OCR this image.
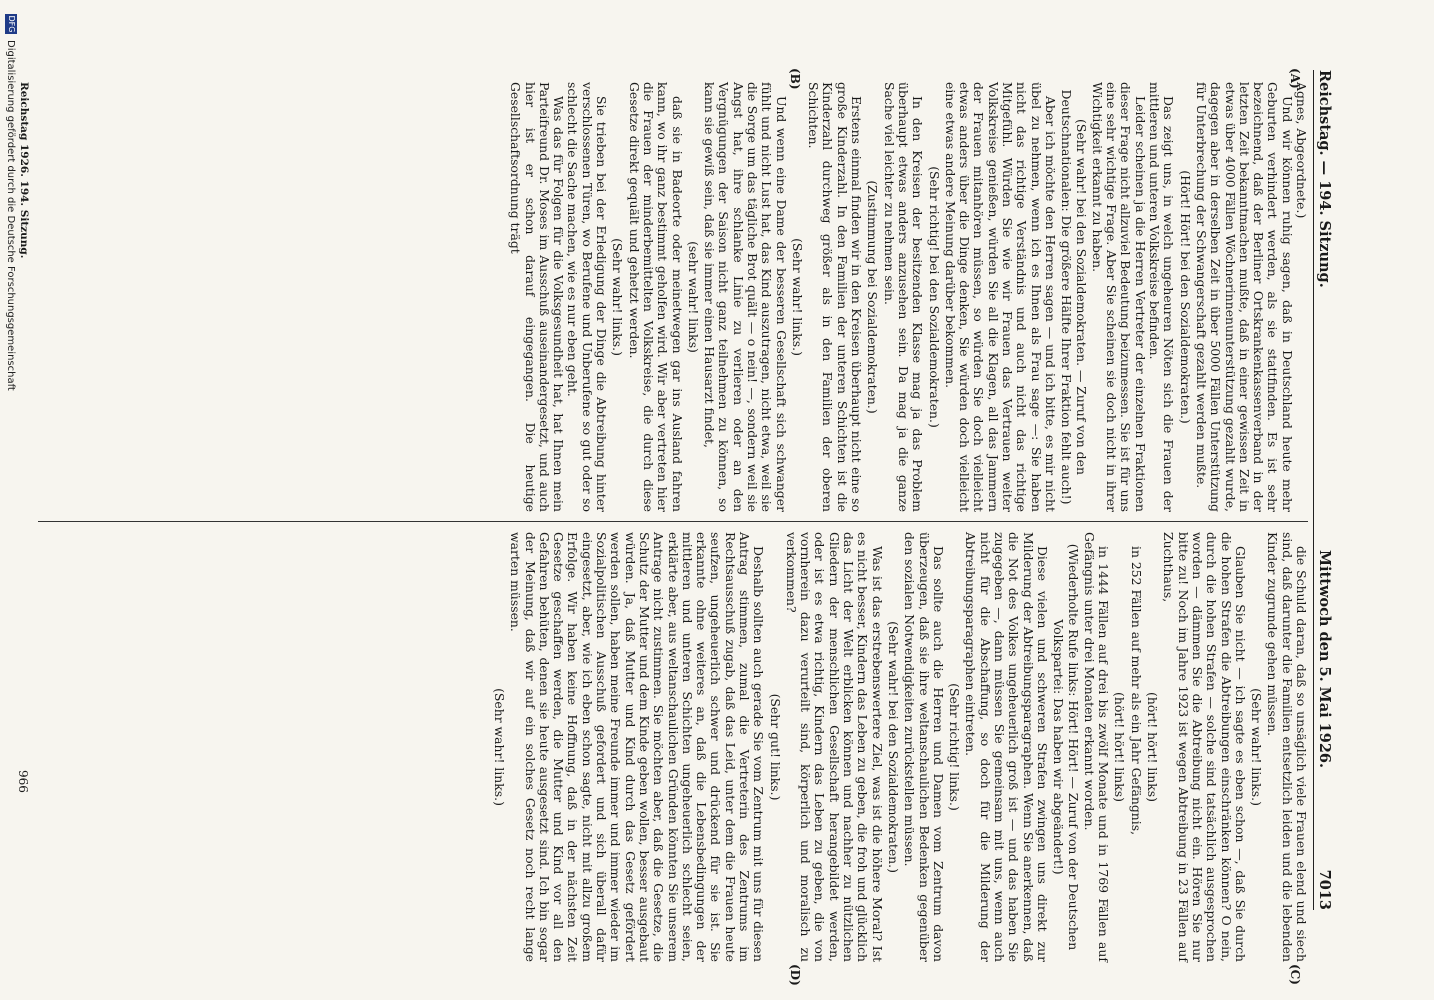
Reichstag. — 194. Sitzung.
Mittwoch den 5. Mai 1926.
7013
(A)
(B)
(C)
(D)

Agnes, Abgeordnete.)

Und wir können ruhig sagen, daß in Deutschland heute mehr Geburten verhindert werden, als sie stattfinden. Es ist sehr bezeichnend, daß der Berliner Ortskrankenkassenverband in der letzten Zeit bekanntmachen mußte, daß in einer gewissen Zeit in etwas über 4000 Fällen Wöchnerinnenunterstützung gezahlt wurde, dagegen aber in derselben Zeit in über 5000 Fällen Unterstützung für Unterbrechung der Schwangerschaft gezahlt werden mußte.

(Hört! Hört! bei den Sozialdemokraten.)

Das zeigt uns, in welch ungeheuren Nöten sich die Frauen der mittleren und unteren Volkskreise befinden.

Leider scheinen ja die Herren Vertreter der einzelnen Fraktionen dieser Frage nicht allzuviel Bedeutung beizumessen. Sie ist für uns eine sehr wichtige Frage. Aber Sie scheinen sie doch nicht in ihrer Wichtigkeit erkannt zu haben.

(Sehr wahr! bei den Sozialdemokraten. — Zuruf von den Deutschnationalen: Die größere Hälfte Ihrer Fraktion fehlt auch!)

Aber ich möchte den Herren sagen — und ich bitte, es mir nicht übel zu nehmen, wenn ich es Ihnen als Frau sage —: Sie haben nicht das richtige Verständnis und auch nicht das richtige Mitgefühl. Würden Sie wie wir Frauen das Vertrauen weiter Volkskreise genießen, würden Sie all die Klagen, all das Jammern der Frauen mitanhören müssen, so würden Sie doch vielleicht etwas anders über die Dinge denken, Sie würden doch vielleicht eine etwas andere Meinung darüber bekommen.

(Sehr richtig! bei den Sozialdemokraten.)

In den Kreisen der besitzenden Klasse mag ja das Problem überhaupt etwas anders anzusehen sein. Da mag ja die ganze Sache viel leichter zu nehmen sein.

(Zustimmung bei Sozialdemokraten.)

Erstens einmal finden wir in den Kreisen überhaupt nicht eine so große Kinderzahl. In den Familien der unteren Schichten ist die Kinderzahl durchweg größer als in den Familien der oberen Schichten.

(Sehr wahr! links.)

Und wenn eine Dame der besseren Gesellschaft sich schwanger fühlt und nicht Lust hat, das Kind auszutragen, nicht etwa, weil sie die Sorge um das tägliche Brot quält — o nein! —, sondern weil sie Angst hat, ihre schlanke Linie zu verlieren oder an den Vergnügungen der Saison nicht ganz teilnehmen zu können, so kann sie gewiß sein, daß sie immer einen Hausarzt findet,

(sehr wahr! links)

daß sie in Badeorte oder meinetwegen gar ins Ausland fahren kann, wo ihr ganz bestimmt geholfen wird. Wir aber vertreten hier die Frauen der minderbemittelten Volkskreise, die durch diese Gesetze direkt gequält und gehetzt werden.

(Sehr wahr! links.)

Sie trieben bei der Erledigung der Dinge die Abtreibung hinter verschlossenen Türen, wo Berufene und Unberufene so gut oder so schlecht die Sache machen, wie es nur eben geht.

Was das für Folgen für die Volksgesundheit hat, hat Ihnen mein Parteifreund Dr. Moses im Ausschuß auseinandergesetzt, und auch hier ist er schon darauf eingegangen. Die heutige Gesellschaftsordnung trägt

die Schuld daran, daß so unsäglich viele Frauen elend und siech sind, daß darunter die Familien entsetzlich leiden und die lebenden Kinder zugrunde gehen müssen.

(Sehr wahr! links.)

Glauben Sie nicht — ich sagte es eben schon —, daß Sie durch die hohen Strafen die Abtreibungen einschränken können? O nein, durch die hohen Strafen — solche sind tatsächlich ausgesprochen worden — dämmen Sie die Abtreibung nicht ein. Hören Sie nur bitte zu! Noch im Jahre 1923 ist wegen Abtreibung in 23 Fällen auf Zuchthaus,

(hört! hört! links)

in 252 Fällen auf mehr als ein Jahr Gefängnis,

(hört! hört! links)

in 1444 Fällen auf drei bis zwölf Monate und in 1769 Fällen auf Gefängnis unter drei Monaten erkannt worden.

(Wiederholte Rufe links: Hört! Hört! — Zuruf von der Deutschen Volkspartei: Das haben wir abgeändert!)

Diese vielen und schweren Strafen zwingen uns direkt zur Milderung der Abtreibungsparagraphen. Wenn Sie anerkennen, daß die Not des Volkes ungeheuerlich groß ist — und das haben Sie zugegeben —, dann müssen Sie gemeinsam mit uns, wenn auch nicht für die Abschaffung, so doch für die Milderung der Abtreibungsparagraphen eintreten.

(Sehr richtig! links.)

Das sollte auch die Herren und Damen vom Zentrum davon überzeugen, daß sie ihre weltanschaulichen Bedenken gegenüber den sozialen Notwendigkeiten zurückstellen müssen.

(Sehr wahr! bei den Sozialdemokraten.)

Was ist das erstrebenswertere Ziel, was ist die höhere Moral? Ist es nicht besser, Kindern das Leben zu geben, die froh und glücklich das Licht der Welt erblicken können und nachher zu nützlichen Gliedern der menschlichen Gesellschaft herangebildet werden, oder ist es etwa richtig, Kindern das Leben zu geben, die von vornherein dazu verurteilt sind, körperlich und moralisch zu verkommen?

(Sehr gut! links.)

Deshalb sollten auch gerade Sie vom Zentrum mit uns für diesen Antrag stimmen, zumal die Vertreterin des Zentrums im Rechtsausschuß zugab, daß das Leid, unter dem die Frauen heute seufzen, ungeheuerlich schwer und drückend für sie ist. Sie erkannte ohne weiteres an, daß die Lebensbedingungen der mittleren und unteren Schichten ungeheuerlich schlecht seien, erklärte aber, aus weltanschaulichen Gründen könnten Sie unserem Antrage nicht zustimmen. Sie möchten aber, daß die Gesetze, die Schutz der Mutter und dem Kinde geben wollen, besser ausgebaut würden. Ja, daß Mutter und Kind durch das Gesetz gefördert werden sollen, haben meine Freunde immer und immer wieder im Sozialpolitischen Ausschuß gefordert und sich überall dafür eingesetzt, aber, wie ich eben schon sagte, nicht mit allzu großem Erfolge. Wir haben keine Hoffnung, daß in der nächsten Zeit Gesetze geschaffen werden, die Mutter und Kind vor all den Gefahren behüten, denen sie heute ausgesetzt sind. Ich bin sogar der Meinung, daß wir auf ein solches Gesetz noch recht lange warten müssen.

(Sehr wahr! links.)

Reichstag 1926. 194. Sitzung.
966
DFG
Digitalisierung gefördert durch die Deutsche Forschungsgemeinschaft
